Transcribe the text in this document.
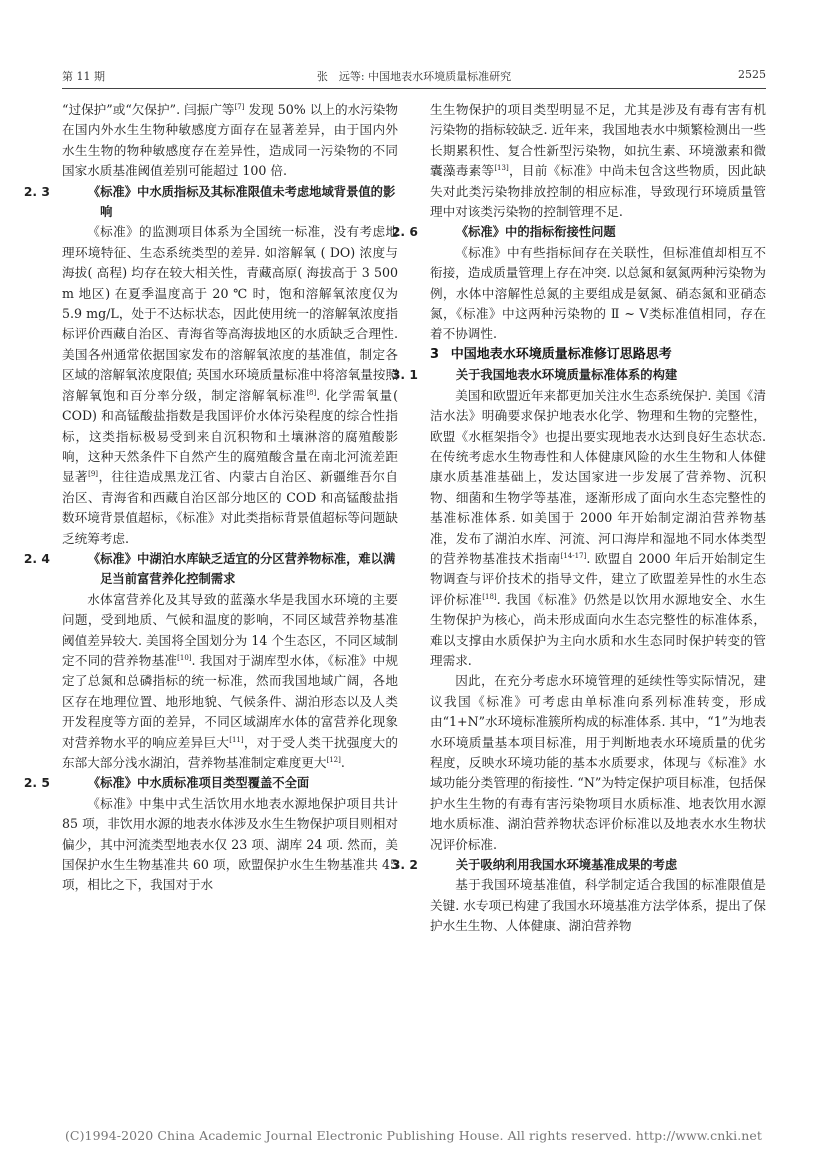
第 11 期	张　远等: 中国地表水环境质量标准研究	2525

“过保护”或“欠保护”. 闫振广等[7] 发现 50% 以上的水污染物在国内外水生生物种敏感度方面存在显著差异，由于国内外水生生物的物种敏感度存在差异性，造成同一污染物的不同国家水质基准阈值差别可能超过 100 倍.

2. 3	《标准》中水质指标及其标准限值未考虑地域背景值的影响

《标准》的监测项目体系为全国统一标准，没有考虑地理环境特征、生态系统类型的差异. 如溶解氧 ( DO) 浓度与海拔( 高程) 均存在较大相关性，青藏高原( 海拔高于 3 500 m 地区) 在夏季温度高于 20 ℃ 时，饱和溶解氧浓度仅为 5.9 mg/L，处于不达标状态，因此使用统一的溶解氧浓度指标评价西藏自治区、青海省等高海拔地区的水质缺乏合理性. 美国各州通常依据国家发布的溶解氧浓度的基准值，制定各区域的溶解氧浓度限值; 英国水环境质量标准中将溶氧量按照溶解氧饱和百分率分级，制定溶解氧标准[8]. 化学需氧量( COD) 和高锰酸盐指数是我国评价水体污染程度的综合性指标，这类指标极易受到来自沉积物和土壤淋溶的腐殖酸影响，这种天然条件下自然产生的腐殖酸含量在南北河流差距显著[9]，往往造成黑龙江省、内蒙古自治区、新疆维吾尔自治区、青海省和西藏自治区部分地区的 COD 和高锰酸盐指数环境背景值超标，《标准》对此类指标背景值超标等问题缺乏统筹考虑.

2. 4	《标准》中湖泊水库缺乏适宜的分区营养物标准，难以满足当前富营养化控制需求

水体富营养化及其导致的蓝藻水华是我国水环境的主要问题，受到地质、气候和温度的影响，不同区域营养物基准阈值差异较大. 美国将全国划分为 14 个生态区，不同区域制定不同的营养物基准[10]. 我国对于湖库型水体，《标准》中规定了总氮和总磷指标的统一标准，然而我国地域广阔，各地区存在地理位置、地形地貌、气候条件、湖泊形态以及人类开发程度等方面的差异，不同区域湖库水体的富营养化现象对营养物水平的响应差异巨大[11]，对于受人类干扰强度大的东部大部分浅水湖泊，营养物基准制定难度更大[12].

2. 5	《标准》中水质标准项目类型覆盖不全面

《标准》中集中式生活饮用水地表水源地保护项目共计 85 项，非饮用水源的地表水体涉及水生生物保护项目则相对偏少，其中河流类型地表水仅 23 项、湖库 24 项. 然而，美国保护水生生物基准共 60 项，欧盟保护水生生物基准共 45 项，相比之下，我国对于水

生生物保护的项目类型明显不足，尤其是涉及有毒有害有机污染物的指标较缺乏. 近年来，我国地表水中频繁检测出一些长期累积性、复合性新型污染物，如抗生素、环境激素和微囊藻毒素等[13]，目前《标准》中尚未包含这些物质，因此缺失对此类污染物排放控制的相应标准，导致现行环境质量管理中对该类污染物的控制管理不足.

2. 6	《标准》中的指标衔接性问题

《标准》中有些指标间存在关联性，但标准值却相互不衔接，造成质量管理上存在冲突. 以总氮和氨氮两种污染物为例，水体中溶解性总氮的主要组成是氨氮、硝态氮和亚硝态氮，《标准》中这两种污染物的 Ⅱ ~ Ⅴ类标准值相同，存在着不协调性.

3 中国地表水环境质量标准修订思路思考
3. 1	关于我国地表水环境质量标准体系的构建

美国和欧盟近年来都更加关注水生态系统保护. 美国《清洁水法》明确要求保护地表水化学、物理和生物的完整性，欧盟《水框架指令》也提出要实现地表水达到良好生态状态. 在传统考虑水生物毒性和人体健康风险的水生生物和人体健康水质基准基础上，发达国家进一步发展了营养物、沉积物、细菌和生物学等基准，逐渐形成了面向水生态完整性的基准标准体系. 如美国于 2000 年开始制定湖泊营养物基准，发布了湖泊水库、河流、河口海岸和湿地不同水体类型的营养物基准技术指南[14-17]. 欧盟自 2000 年后开始制定生物调查与评价技术的指导文件，建立了欧盟差异性的水生态评价标准[18]. 我国《标准》仍然是以饮用水源地安全、水生生物保护为核心，尚未形成面向水生态完整性的标准体系，难以支撑由水质保护为主向水质和水生态同时保护转变的管理需求.

因此，在充分考虑水环境管理的延续性等实际情况，建议我国《标准》可考虑由单标准向系列标准转变，形成由“1+N”水环境标准簇所构成的标准体系. 其中，“1”为地表水环境质量基本项目标准，用于判断地表水环境质量的优劣程度，反映水环境功能的基本水质要求，体现与《标准》水域功能分类管理的衔接性. “N”为特定保护项目标准，包括保护水生生物的有毒有害污染物项目水质标准、地表饮用水源地水质标准、湖泊营养物状态评价标准以及地表水水生物状况评价标准.

3. 2	关于吸纳利用我国水环境基准成果的考虑

基于我国环境基准值，科学制定适合我国的标准限值是关键. 水专项已构建了我国水环境基准方法学体系，提出了保护水生生物、人体健康、湖泊营养物

(C)1994-2020 China Academic Journal Electronic Publishing House. All rights reserved. http://www.cnki.net
